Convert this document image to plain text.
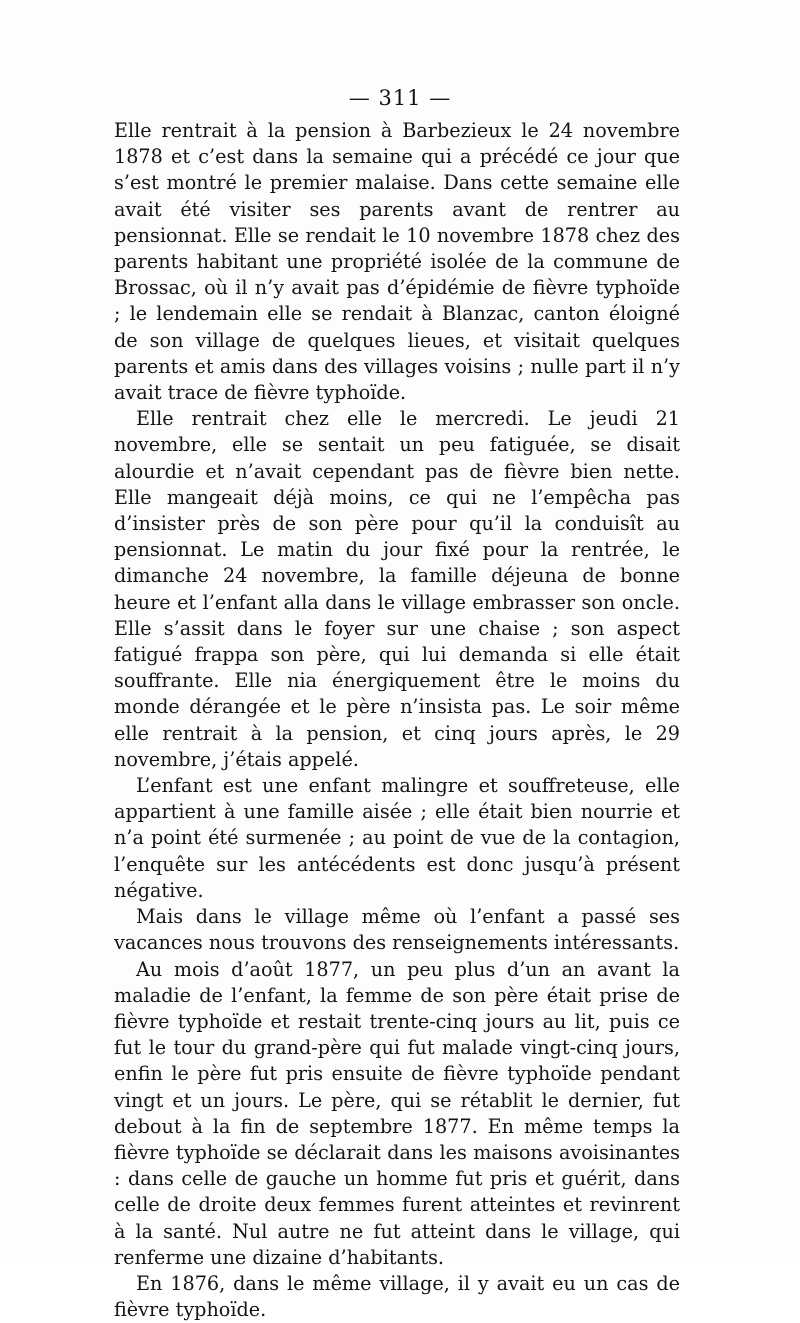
— 311 —

Elle rentrait à la pension à Barbezieux le 24 novembre 1878 et c’est dans la semaine qui a précédé ce jour que s’est montré le premier malaise. Dans cette semaine elle avait été visiter ses parents avant de rentrer au pensionnat. Elle se rendait le 10 novembre 1878 chez des parents habitant une propriété isolée de la commune de Brossac, où il n’y avait pas d’épidémie de fièvre typhoïde ; le lendemain elle se rendait à Blanzac, canton éloigné de son village de quelques lieues, et visitait quelques parents et amis dans des villages voisins ; nulle part il n’y avait trace de fièvre typhoïde.

Elle rentrait chez elle le mercredi. Le jeudi 21 novembre, elle se sentait un peu fatiguée, se disait alourdie et n’avait cependant pas de fièvre bien nette. Elle mangeait déjà moins, ce qui ne l’empêcha pas d’insister près de son père pour qu’il la conduisît au pensionnat. Le matin du jour fixé pour la rentrée, le dimanche 24 novembre, la famille déjeuna de bonne heure et l’enfant alla dans le village embrasser son oncle. Elle s’assit dans le foyer sur une chaise ; son aspect fatigué frappa son père, qui lui demanda si elle était souffrante. Elle nia énergiquement être le moins du monde dérangée et le père n’insista pas. Le soir même elle rentrait à la pension, et cinq jours après, le 29 novembre, j’étais appelé.

L’enfant est une enfant malingre et souffreteuse, elle appartient à une famille aisée ; elle était bien nourrie et n’a point été surmenée ; au point de vue de la contagion, l’enquête sur les antécédents est donc jusqu’à présent négative.

Mais dans le village même où l’enfant a passé ses vacances nous trouvons des renseignements intéressants.

Au mois d’août 1877, un peu plus d’un an avant la maladie de l’enfant, la femme de son père était prise de fièvre typhoïde et restait trente-cinq jours au lit, puis ce fut le tour du grand-père qui fut malade vingt-cinq jours, enfin le père fut pris ensuite de fièvre typhoïde pendant vingt et un jours. Le père, qui se rétablit le dernier, fut debout à la fin de septembre 1877. En même temps la fièvre typhoïde se déclarait dans les maisons avoisinantes : dans celle de gauche un homme fut pris et guérit, dans celle de droite deux femmes furent atteintes et revinrent à la santé. Nul autre ne fut atteint dans le village, qui renferme une dizaine d’habitants.

En 1876, dans le même village, il y avait eu un cas de fièvre typhoïde.
